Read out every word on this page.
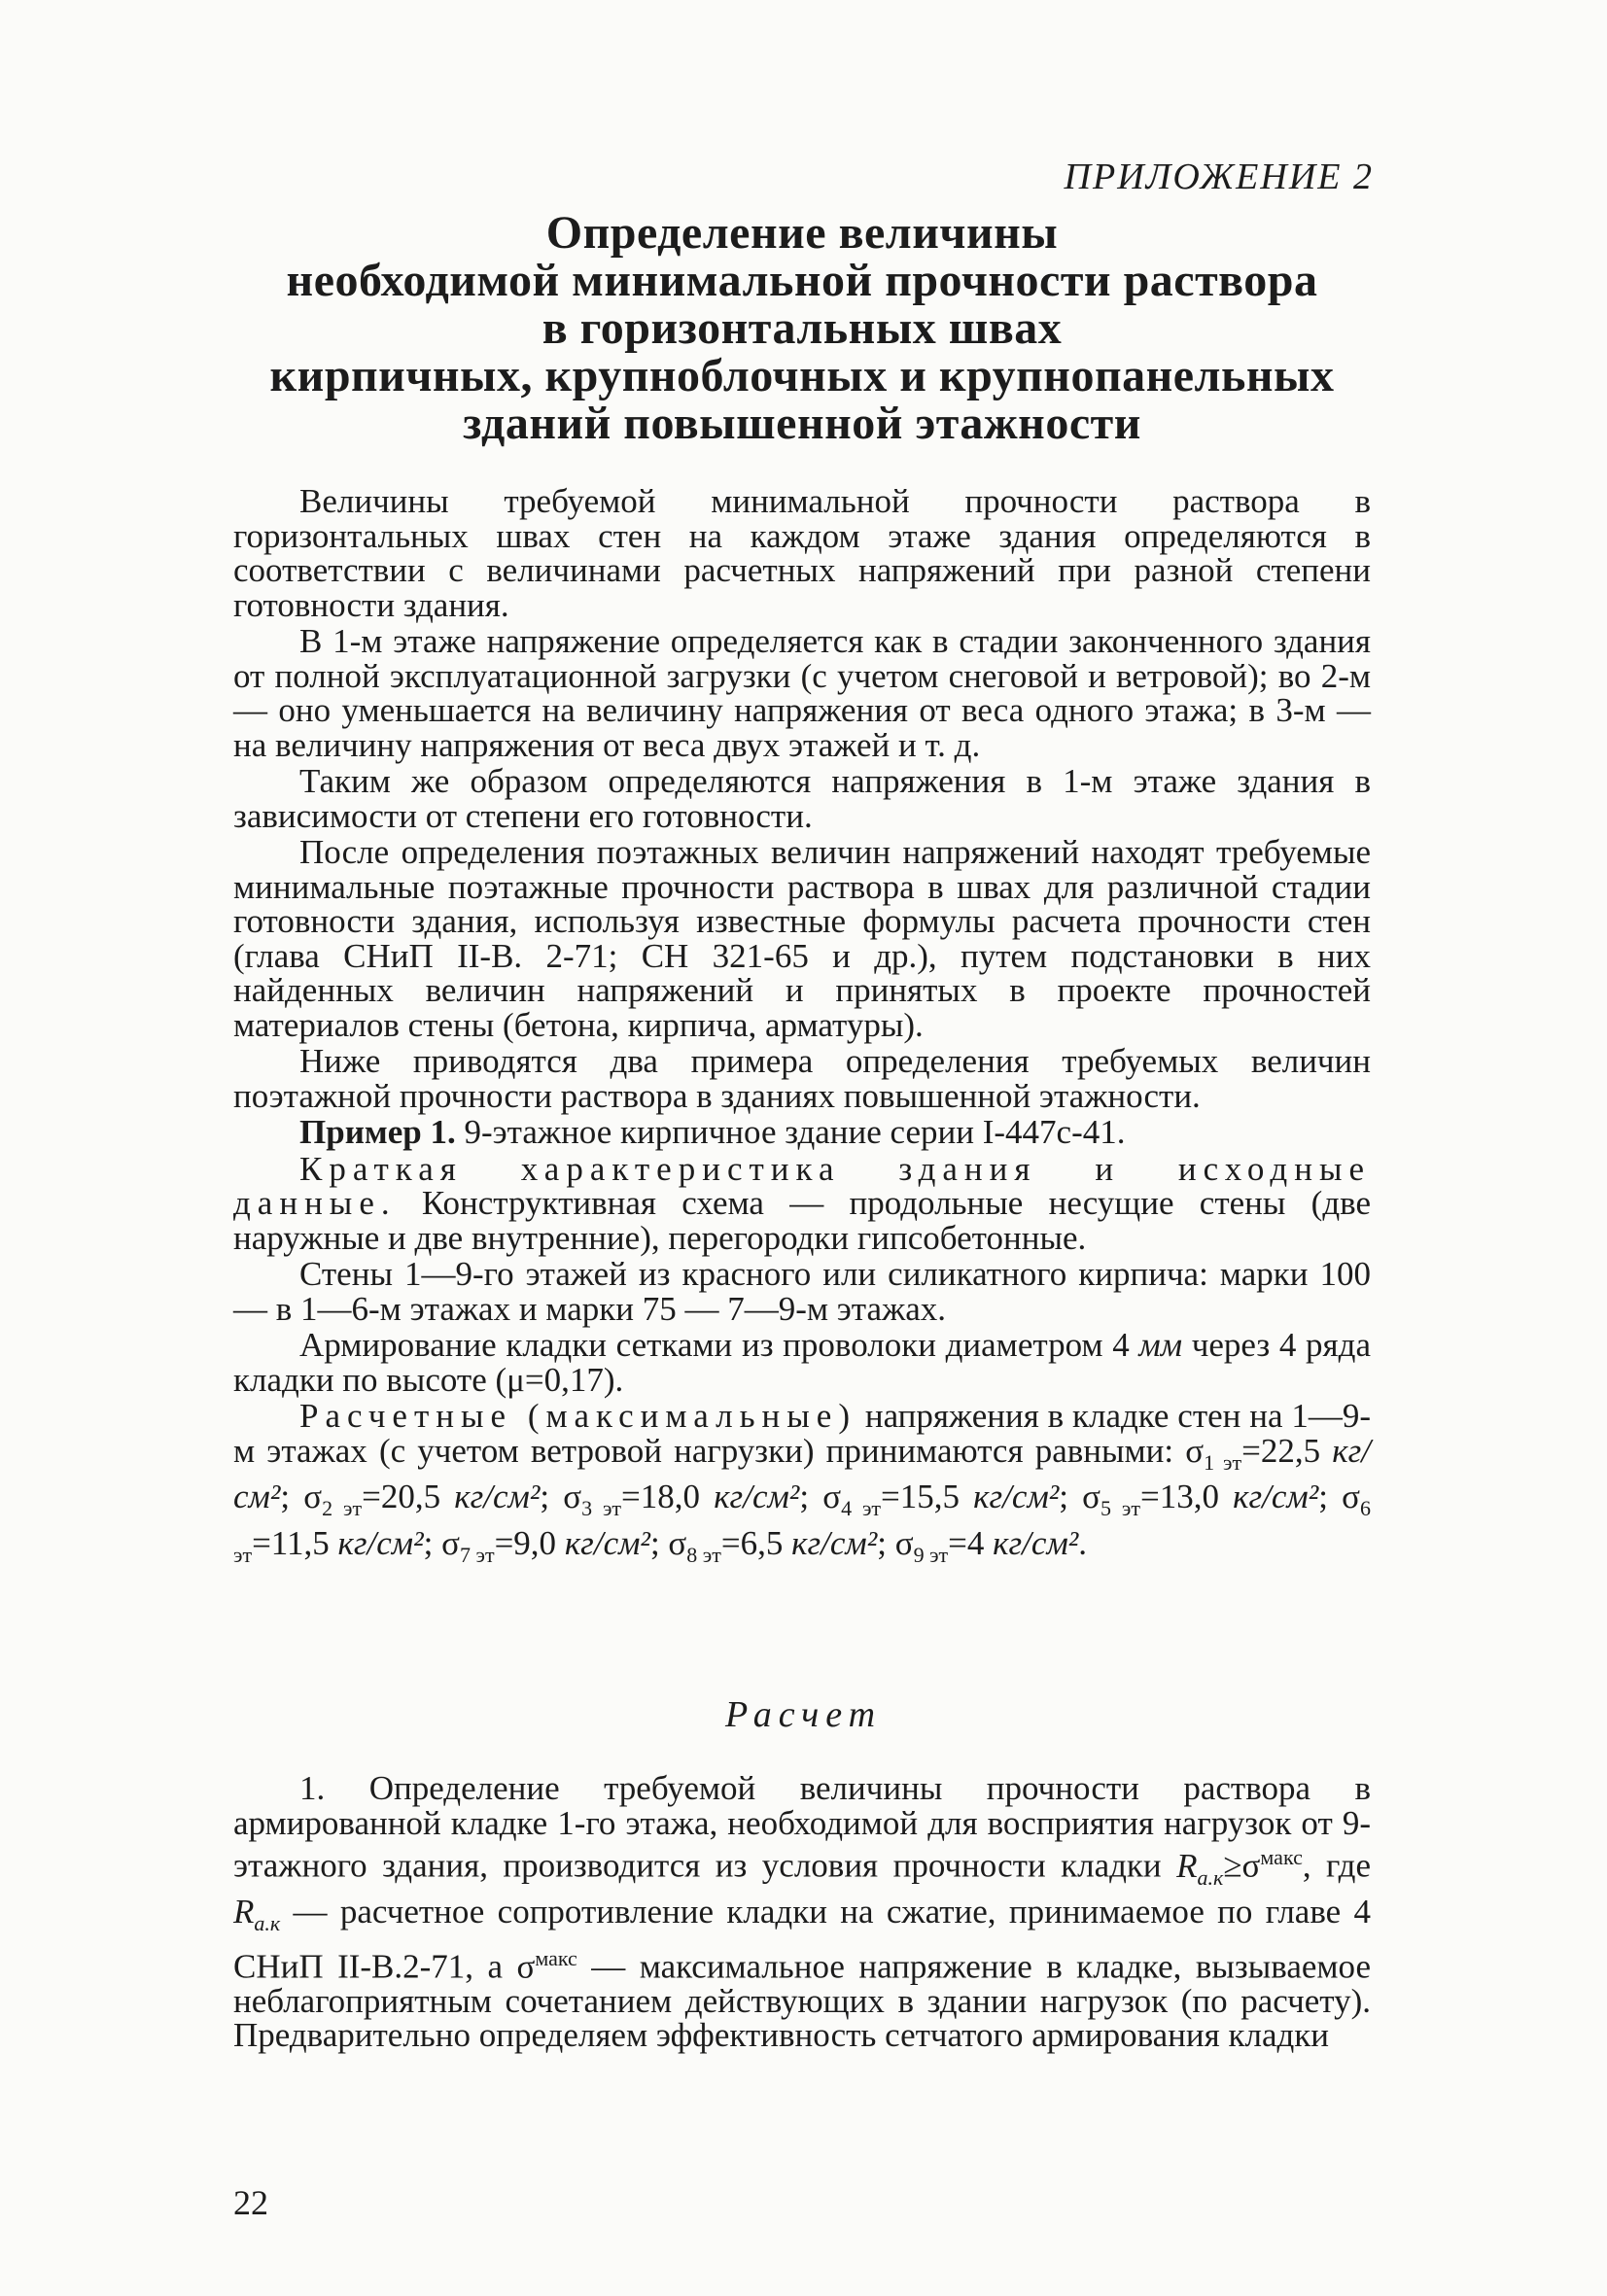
ПРИЛОЖЕНИЕ 2
Определение величины
необходимой минимальной прочности раствора
в горизонтальных швах
кирпичных, крупноблочных и крупнопанельных
зданий повышенной этажности

Величины требуемой минимальной прочности раствора в горизонтальных швах стен на каждом этаже здания определяются в соответствии с величинами расчетных напряжений при разной степени готовности здания.

В 1-м этаже напряжение определяется как в стадии законченного здания от полной эксплуатационной загрузки (с учетом снеговой и ветровой); во 2-м — оно уменьшается на величину напряжения от веса одного этажа; в 3-м — на величину напряжения от веса двух этажей и т. д.

Таким же образом определяются напряжения в 1-м этаже здания в зависимости от степени его готовности.

После определения поэтажных величин напряжений находят требуемые минимальные поэтажные прочности раствора в швах для различной стадии готовности здания, используя известные формулы расчета прочности стен (глава СНиП II-В. 2-71; СН 321-65 и др.), путем подстановки в них найденных величин напряжений и принятых в проекте прочностей материалов стены (бетона, кирпича, арматуры).

Ниже приводятся два примера определения требуемых величин поэтажной прочности раствора в зданиях повышенной этажности.

Пример 1. 9-этажное кирпичное здание серии I-447с-41.

Краткая характеристика здания и исходные данные. Конструктивная схема — продольные несущие стены (две наружные и две внутренние), перегородки гипсобетонные.

Стены 1—9-го этажей из красного или силикатного кирпича: марки 100 — в 1—6-м этажах и марки 75 — 7—9-м этажах.

Армирование кладки сетками из проволоки диаметром 4 мм через 4 ряда кладки по высоте (μ=0,17).

Расчетные (максимальные) напряжения в кладке стен на 1—9-м этажах (с учетом ветровой нагрузки) принимаются равными: $\sigma_{1 эт}=22,5$ кг/см²; $\sigma_{2 эт}=20,5$ кг/см²; $\sigma_{3 эт}=18,0$ кг/см²; $\sigma_{4 эт}=15,5$ кг/см²; $\sigma_{5 эт}=13,0$ кг/см²; $\sigma_{6 эт}=11,5$ кг/см²; $\sigma_{7 эт}=9,0$ кг/см²; $\sigma_{8 эт}=6,5$ кг/см²; $\sigma_{9 эт}=4$ кг/см².

Расчет

1. Определение требуемой величины прочности раствора в армированной кладке 1-го этажа, необходимой для восприятия нагрузок от 9-этажного здания, производится из условия прочности кладки $R_{а.к}\ge\sigma^{макс}$, где $R_{а.к}$ — расчетное сопротивление кладки на сжатие, принимаемое по главе 4 СНиП II-В.2-71, а $\sigma^{макс}$ — максимальное напряжение в кладке, вызываемое неблагоприятным сочетанием действующих в здании нагрузок (по расчету). Предварительно определяем эффективность сетчатого армирования кладки

22
